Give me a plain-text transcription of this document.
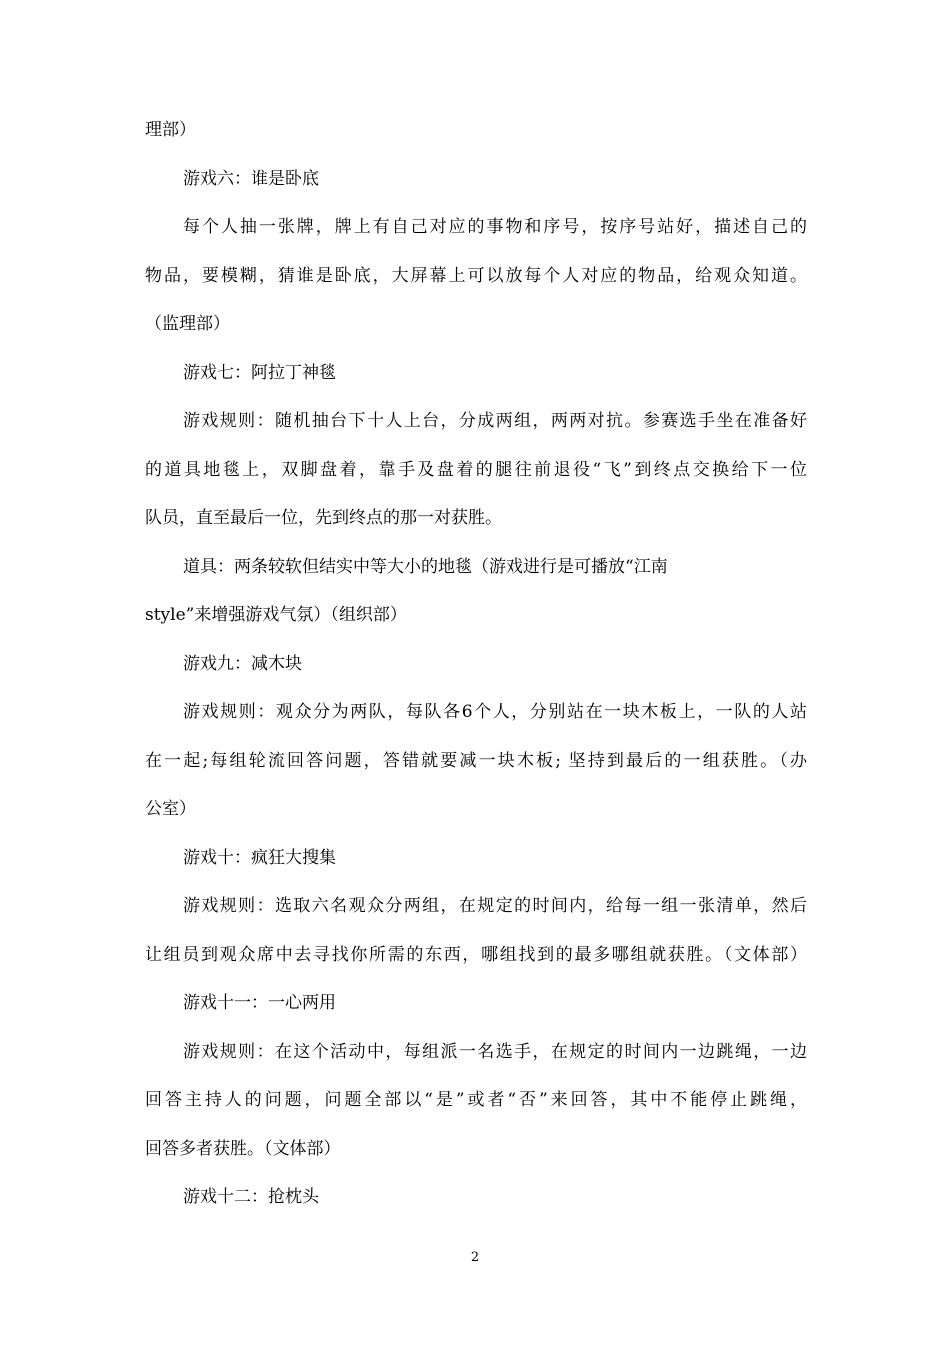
理部）
游戏六：谁是卧底
每个人抽一张牌，牌上有自己对应的事物和序号，按序号站好，描述自己的
物品，要模糊，猜谁是卧底，大屏幕上可以放每个人对应的物品，给观众知道。
（监理部）
游戏七：阿拉丁神毯
游戏规则：随机抽台下十人上台，分成两组，两两对抗。参赛选手坐在准备好
的道具地毯上，双脚盘着，靠手及盘着的腿往前退役“飞”到终点交换给下一位
队员，直至最后一位，先到终点的那一对获胜。
道具：两条较软但结实中等大小的地毯（游戏进行是可播放“江南
style”来增强游戏气氛）（组织部）
游戏九：减木块
游戏规则：观众分为两队，每队各6个人，分别站在一块木板上，一队的人站
在一起;每组轮流回答问题，答错就要减一块木板; 坚持到最后的一组获胜。（办
公室）
游戏十：疯狂大搜集
游戏规则：选取六名观众分两组，在规定的时间内，给每一组一张清单，然后
让组员到观众席中去寻找你所需的东西，哪组找到的最多哪组就获胜。（文体部）
游戏十一：一心两用
游戏规则：在这个活动中，每组派一名选手，在规定的时间内一边跳绳，一边
回答主持人的问题，问题全部以“是”或者“否”来回答，其中不能停止跳绳，
回答多者获胜。（文体部）
游戏十二：抢枕头
2
